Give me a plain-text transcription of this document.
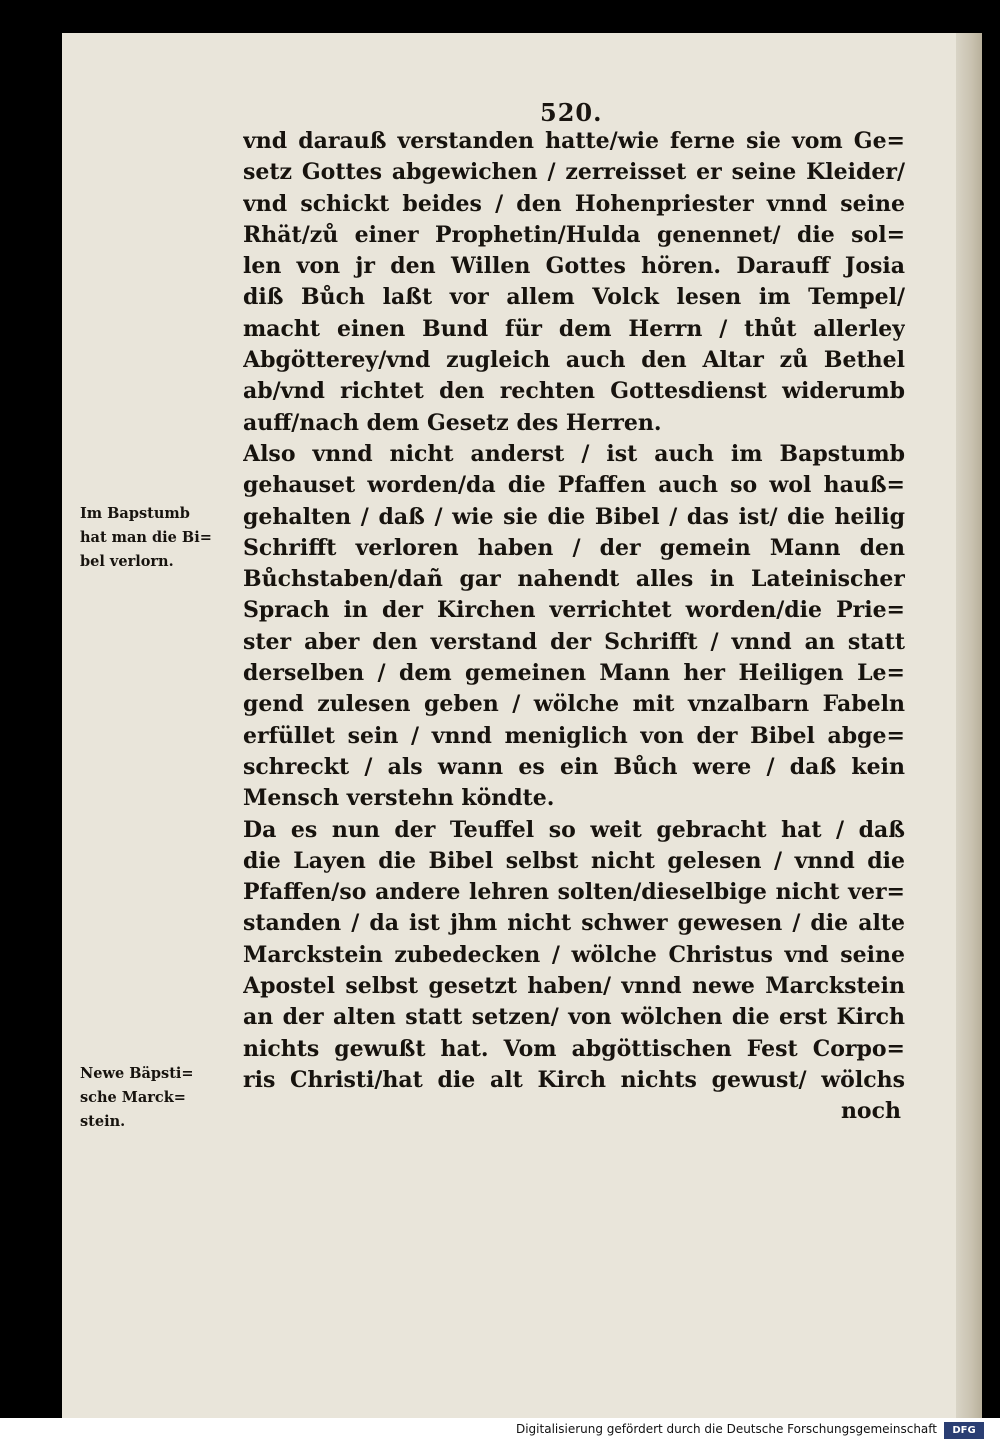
520.

Im Bapstumb
hat man die Bi=
bel verlorn.
Newe Bäpsti=
sche Marck=
stein.
vnd darauß verstanden hatte/wie ferne sie vom Ge=
setz Gottes abgewichen / zerreisset er seine Kleider/
vnd schickt beides / den Hohenpriester vnnd seine
Rhät/zů einer Prophetin/Hulda genennet/ die sol=
len von jr den Willen Gottes hören. Darauff Josia
diß Bůch laßt vor allem Volck lesen im Tempel/
macht einen Bund für dem Herrn / thůt allerley
Abgötterey/vnd zugleich auch den Altar zů Bethel
ab/vnd richtet den rechten Gottesdienst widerumb
auff/nach dem Gesetz des Herren.
Also vnnd nicht anderst / ist auch im Bapstumb
gehauset worden/da die Pfaffen auch so wol hauß=
gehalten / daß / wie sie die Bibel / das ist/ die heilig
Schrifft verloren haben / der gemein Mann den
Bůchstaben/dañ gar nahendt alles in Lateinischer
Sprach in der Kirchen verrichtet worden/die Prie=
ster aber den verstand der Schrifft / vnnd an statt
derselben / dem gemeinen Mann her Heiligen Le=
gend zulesen geben / wölche mit vnzalbarn Fabeln
erfüllet sein / vnnd meniglich von der Bibel abge=
schreckt / als wann es ein Bůch were / daß kein
Mensch verstehn köndte.
Da es nun der Teuffel so weit gebracht hat / daß
die Layen die Bibel selbst nicht gelesen / vnnd die
Pfaffen/so andere lehren solten/dieselbige nicht ver=
standen / da ist jhm nicht schwer gewesen / die alte
Marckstein zubedecken / wölche Christus vnd seine
Apostel selbst gesetzt haben/ vnnd newe Marckstein
an der alten statt setzen/ von wölchen die erst Kirch
nichts gewußt hat. Vom abgöttischen Fest Corpo=
ris Christi/hat die alt Kirch nichts gewust/ wölchs
noch
Digitalisierung gefördert durch die Deutsche Forschungsgemeinschaft	DFG
